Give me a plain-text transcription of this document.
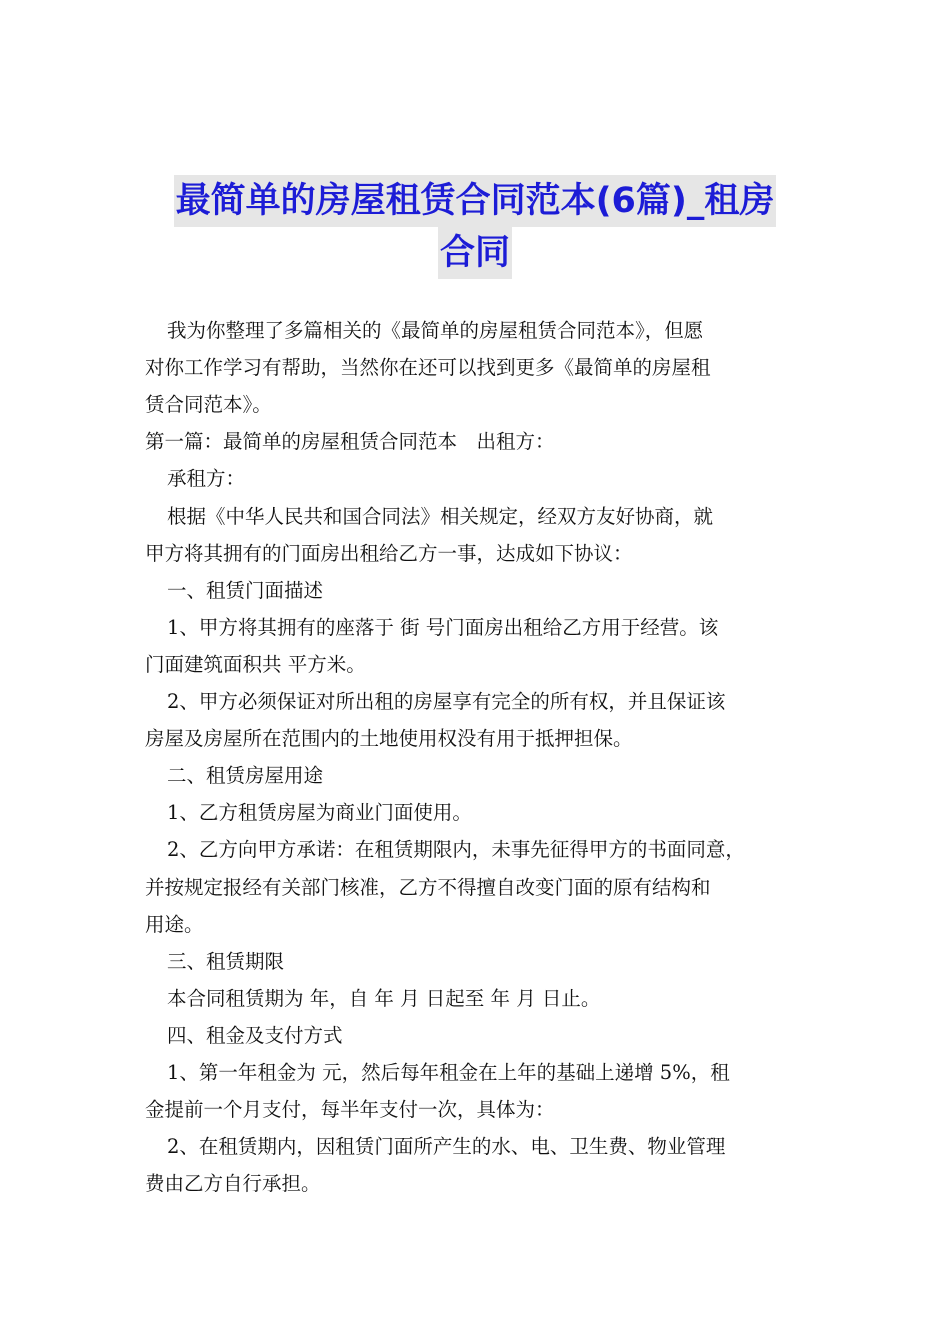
最简单的房屋租赁合同范本(6篇)_租房
合同
我为你整理了多篇相关的《最简单的房屋租赁合同范本》，但愿
对你工作学习有帮助，当然你在还可以找到更多《最简单的房屋租
赁合同范本》。
第一篇：最简单的房屋租赁合同范本　出租方：
承租方：
根据《中华人民共和国合同法》相关规定，经双方友好协商，就
甲方将其拥有的门面房出租给乙方一事，达成如下协议：
一、租赁门面描述
1、甲方将其拥有的座落于 街 号门面房出租给乙方用于经营。该
门面建筑面积共 平方米。
2、甲方必须保证对所出租的房屋享有完全的所有权，并且保证该
房屋及房屋所在范围内的土地使用权没有用于抵押担保。
二、租赁房屋用途
1、乙方租赁房屋为商业门面使用。
2、乙方向甲方承诺：在租赁期限内，未事先征得甲方的书面同意，
并按规定报经有关部门核准，乙方不得擅自改变门面的原有结构和
用途。
三、租赁期限
本合同租赁期为 年，自 年 月 日起至 年 月 日止。
四、租金及支付方式
1、第一年租金为 元，然后每年租金在上年的基础上递增 5%，租
金提前一个月支付，每半年支付一次，具体为：
2、在租赁期内，因租赁门面所产生的水、电、卫生费、物业管理
费由乙方自行承担。
